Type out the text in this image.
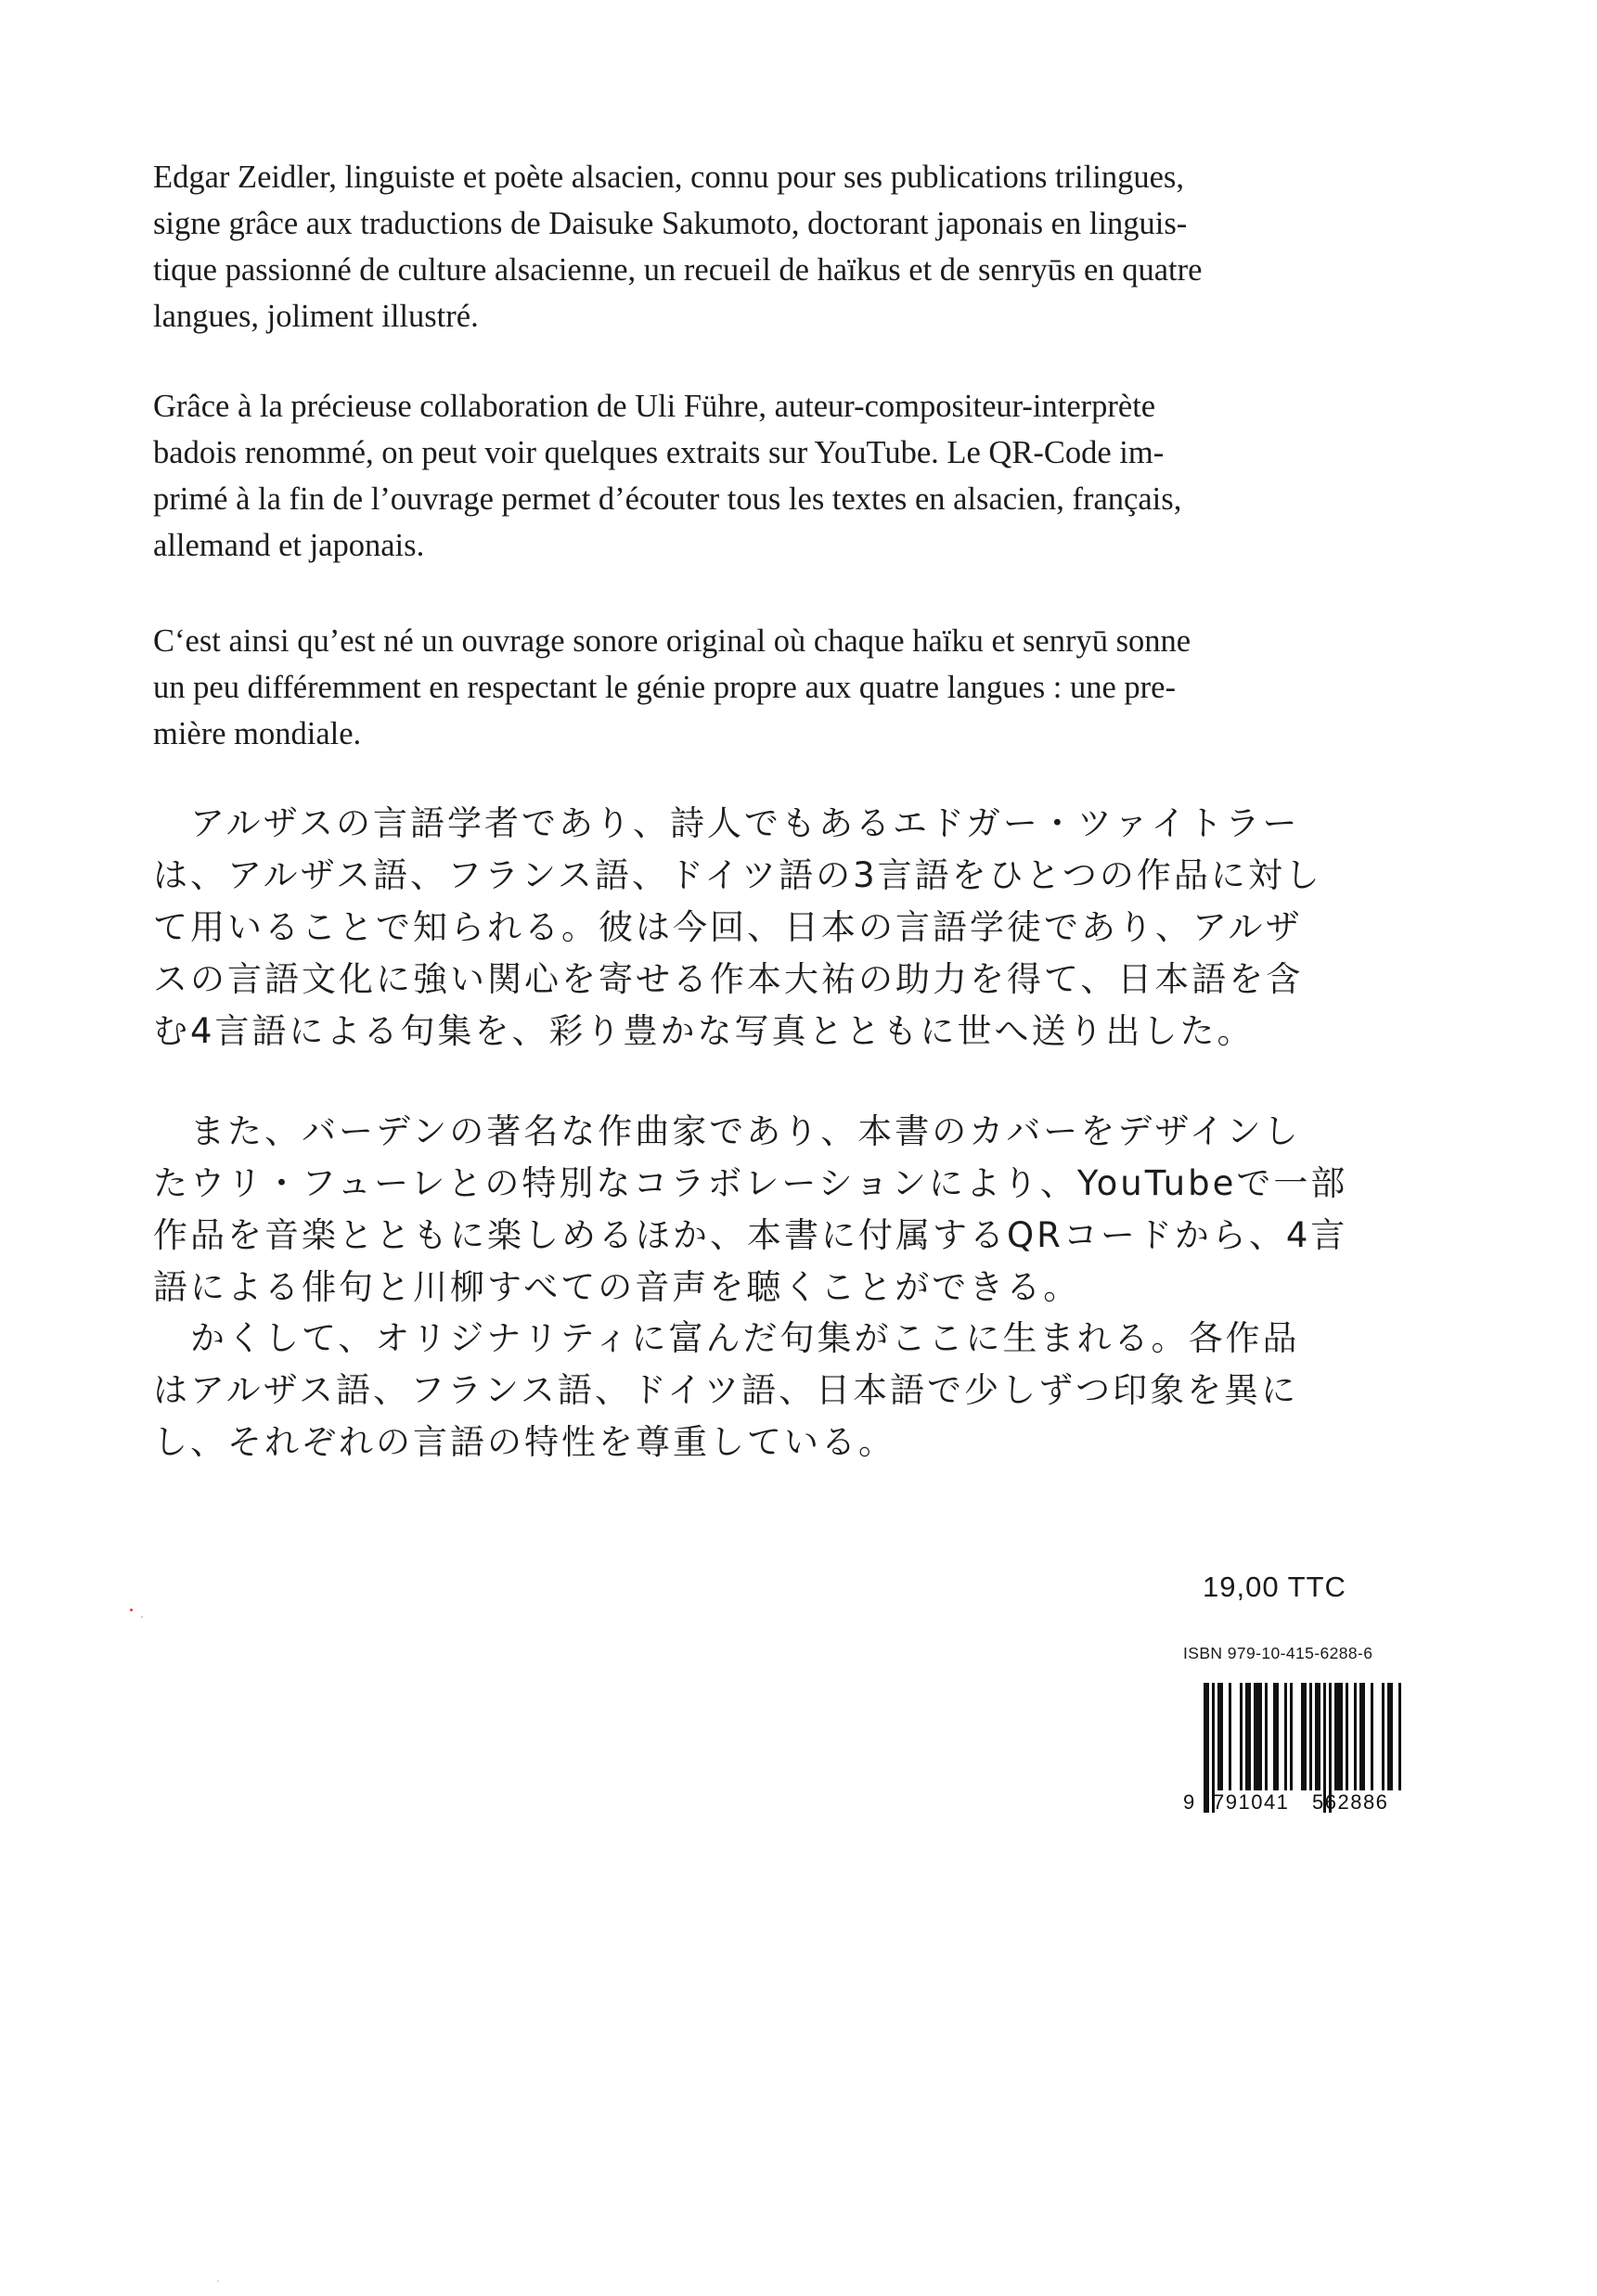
Edgar Zeidler, linguiste et poète alsacien, connu pour ses publications trilingues,
signe grâce aux traductions de Daisuke Sakumoto, doctorant japonais en linguis-
tique passionné de culture alsacienne, un recueil de haïkus et de senryūs en quatre
langues, joliment illustré.
Grâce à la précieuse collaboration de Uli Führe, auteur-compositeur-interprète
badois renommé, on peut voir quelques extraits sur YouTube. Le QR-Code im-
primé à la fin de l’ouvrage permet d’écouter tous les textes en alsacien, français,
allemand et japonais.
C‘est ainsi qu’est né un ouvrage sonore original où chaque haïku et senryū sonne
un peu différemment en respectant le génie propre aux quatre langues : une pre-
mière mondiale.
　アルザスの言語学者であり、詩人でもあるエドガー・ツァイトラー
は、アルザス語、フランス語、ドイツ語の3言語をひとつの作品に対し
て用いることで知られる。彼は今回、日本の言語学徒であり、アルザ
スの言語文化に強い関心を寄せる作本大祐の助力を得て、日本語を含
む4言語による句集を、彩り豊かな写真とともに世へ送り出した。
　また、バーデンの著名な作曲家であり、本書のカバーをデザインし
たウリ・フューレとの特別なコラボレーションにより、YouTubeで一部
作品を音楽とともに楽しめるほか、本書に付属するQRコードから、4言
語による俳句と川柳すべての音声を聴くことができる。
　かくして、オリジナリティに富んだ句集がここに生まれる。各作品
はアルザス語、フランス語、ドイツ語、日本語で少しずつ印象を異に
し、それぞれの言語の特性を尊重している。
19,00 TTC
ISBN 979-10-415-6288-6
9 791041 562886
